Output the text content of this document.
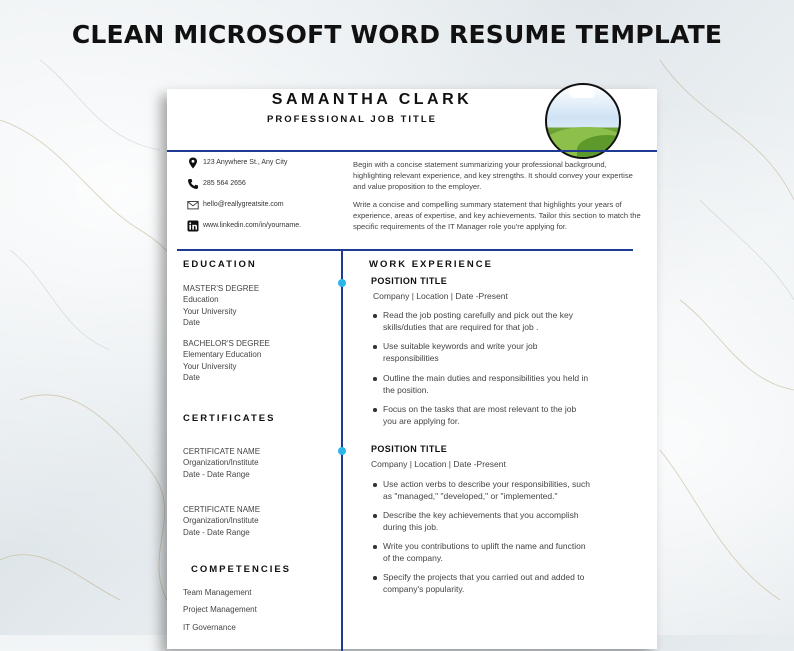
CLEAN MICROSOFT WORD RESUME TEMPLATE
SAMANTHA CLARK
PROFESSIONAL JOB TITLE
123 Anywhere St., Any City
285 564 2656
hello@reallygreatsite.com
www.linkedin.com/in/yourname.
Begin with a concise statement summarizing your professional background, highlighting relevant experience, and key strengths. It should convey your expertise and value proposition to the employer.
Write a concise and compelling summary statement that highlights your years of experience, areas of expertise, and key achievements. Tailor this section to match the specific requirements of the IT Manager role you're applying for.
EDUCATION
MASTER'S DEGREE
Education
Your University
Date
BACHELOR'S DEGREE
Elementary Education
Your University
Date
CERTIFICATES
CERTIFICATE NAME
Organization/Institute
Date - Date Range
CERTIFICATE NAME
Organization/Institute
Date - Date Range
COMPETENCIES
Team Management
Project Management
IT Governance
WORK EXPERIENCE
POSITION TITLE
Company | Location | Date -Present
Read the job posting carefully and pick out the key
skills/duties that are required for that job .
Use suitable keywords and write your job
responsibilities
Outline the main duties and responsibilities you held in
the position.
Focus on the tasks that are most relevant to the job
you are applying for.
POSITION TITLE
Company | Location | Date -Present
Use action verbs to describe your responsibilities, such
as "managed," "developed," or "implemented."
Describe the key achievements that you accomplish
during this job.
Write you contributions to uplift the name and function
of the company.
Specify the projects that you carried out and added to
company's popularity.
